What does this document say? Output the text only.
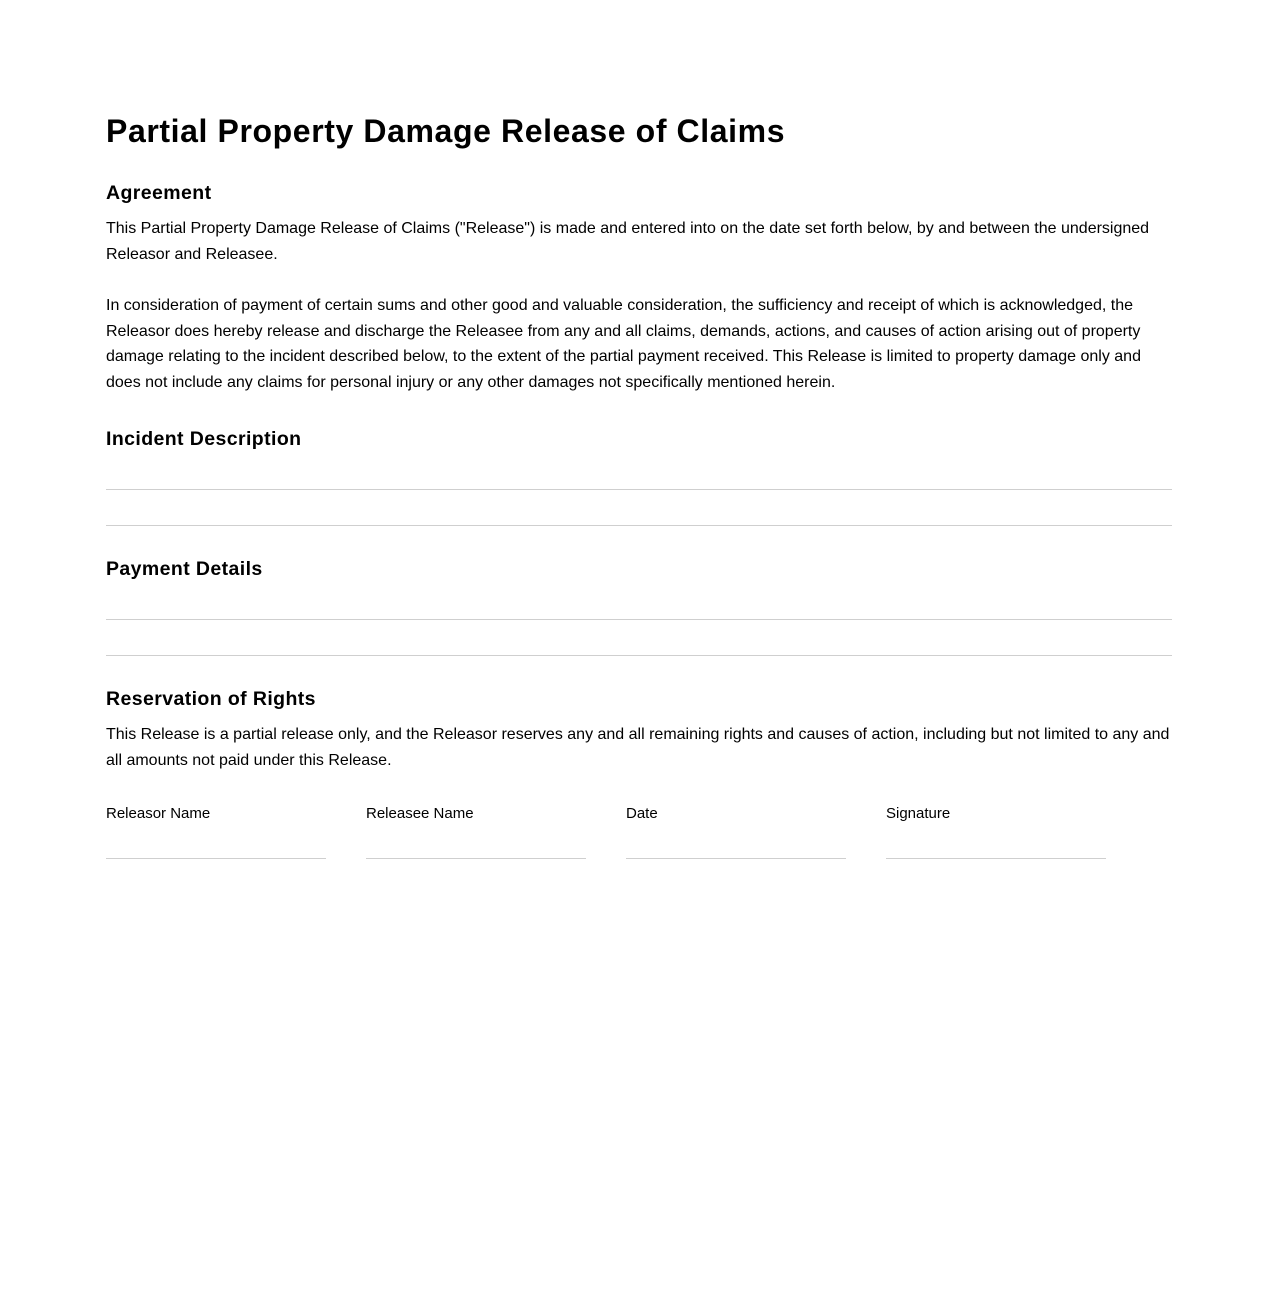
Partial Property Damage Release of Claims
Agreement

This Partial Property Damage Release of Claims ("Release") is made and entered into on the date set forth below, by and between the undersigned Releasor and Releasee.

In consideration of payment of certain sums and other good and valuable consideration, the sufficiency and receipt of which is acknowledged, the Releasor does hereby release and discharge the Releasee from any and all claims, demands, actions, and causes of action arising out of property damage relating to the incident described below, to the extent of the partial payment received. This Release is limited to property damage only and does not include any claims for personal injury or any other damages not specifically mentioned herein.

Incident Description
Payment Details
Reservation of Rights

This Release is a partial release only, and the Releasor reserves any and all remaining rights and causes of action, including but not limited to any and all amounts not paid under this Release.

Releasor Name	Releasee Name	Date	Signature
